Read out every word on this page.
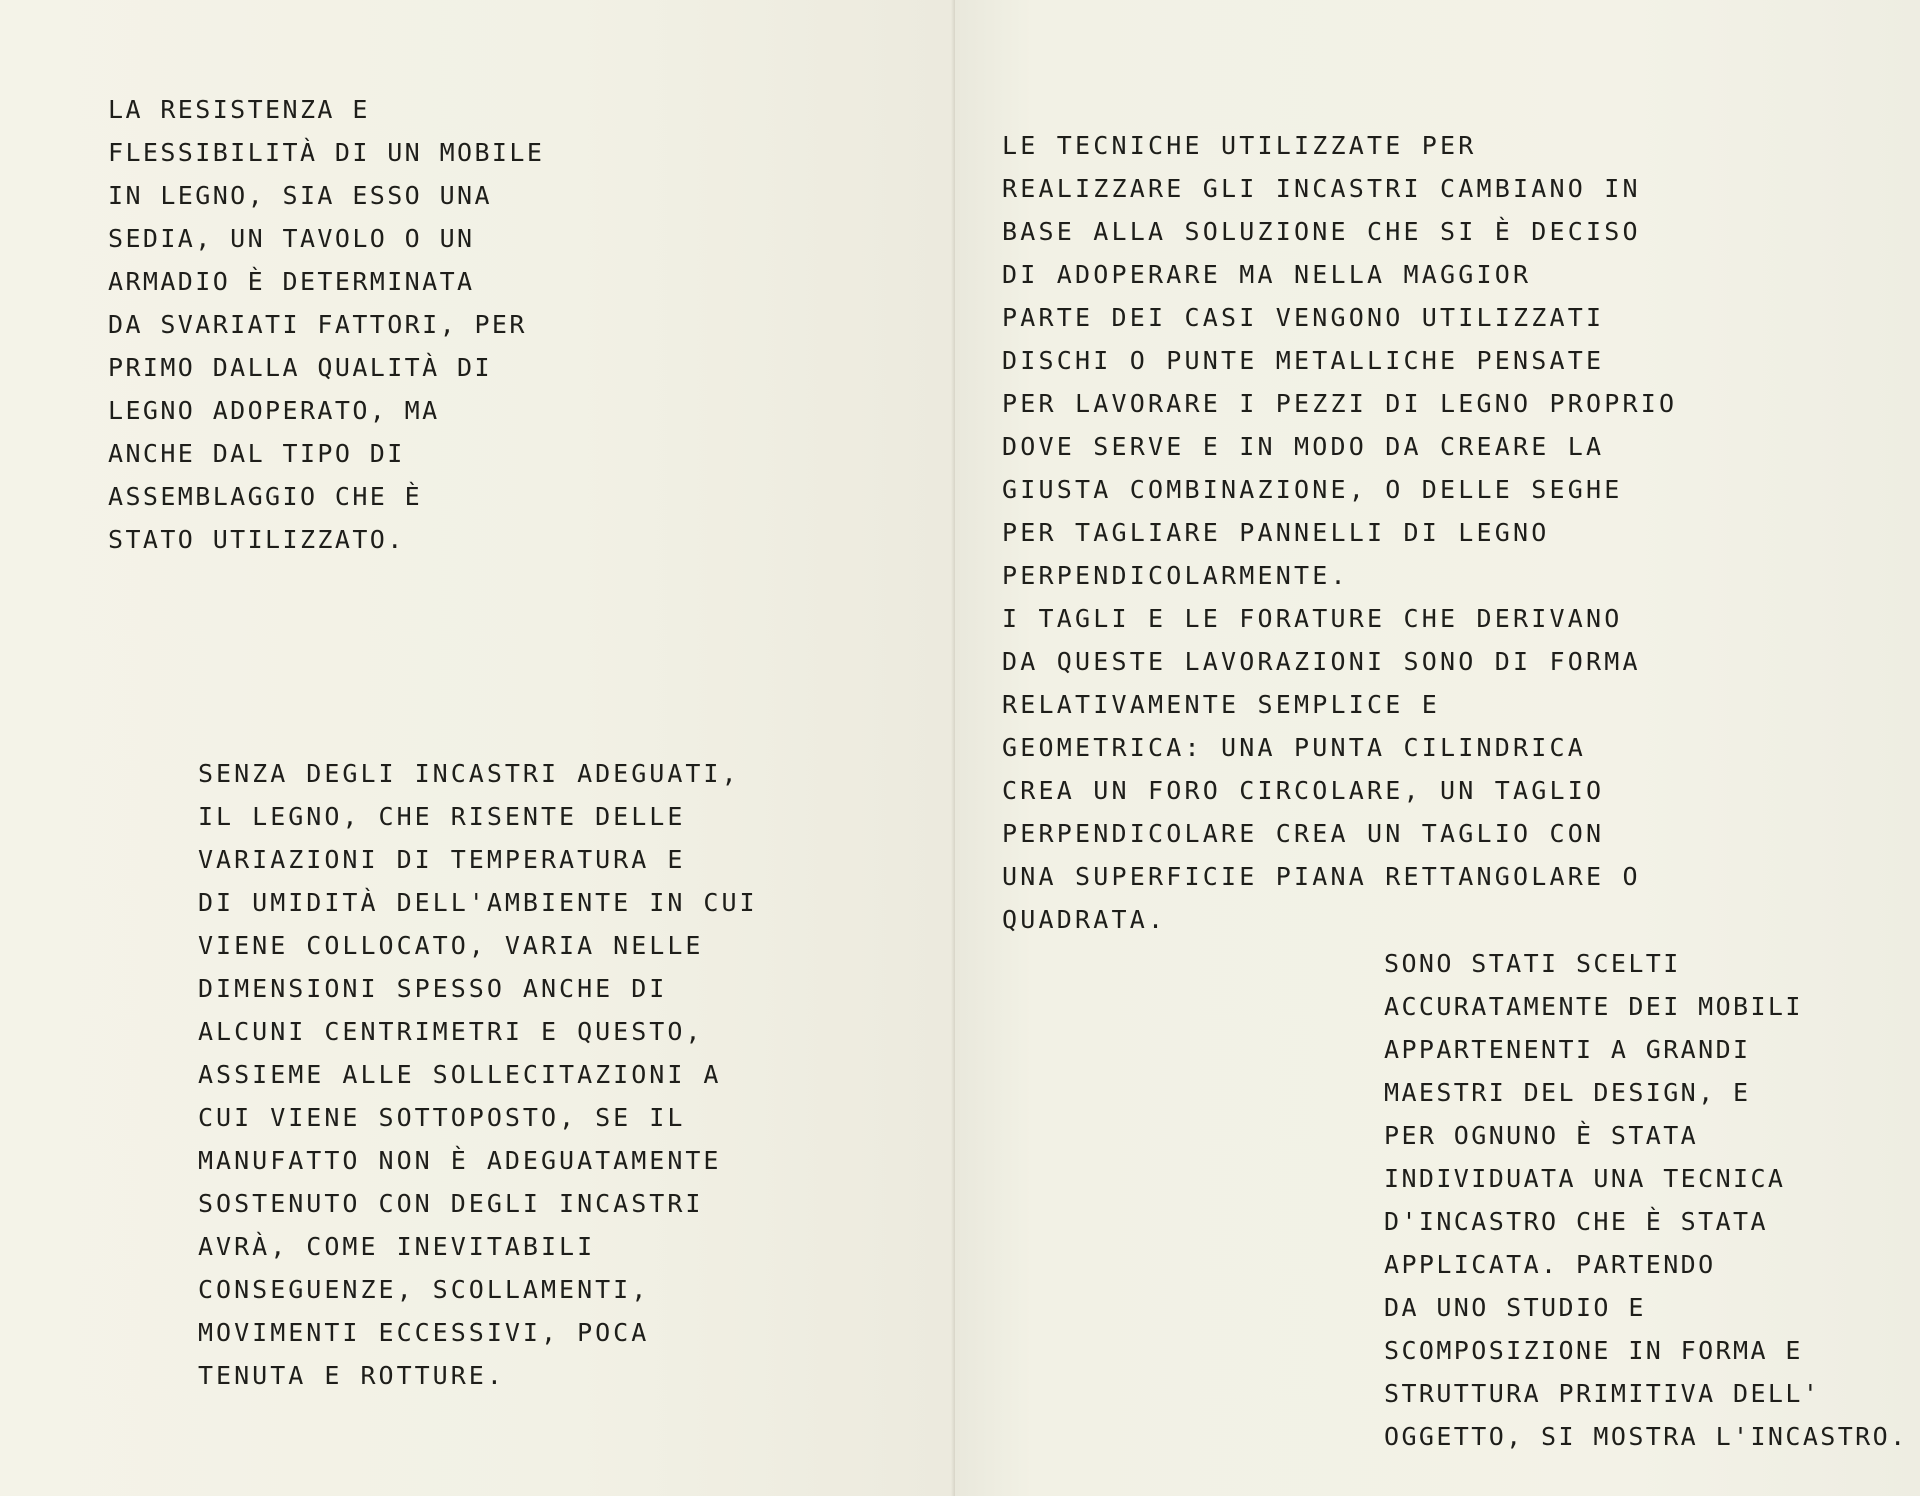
LA RESISTENZA E
FLESSIBILITÀ DI UN MOBILE
IN LEGNO, SIA ESSO UNA
SEDIA, UN TAVOLO O UN
ARMADIO È DETERMINATA
DA SVARIATI FATTORI, PER
PRIMO DALLA QUALITÀ DI
LEGNO ADOPERATO, MA
ANCHE DAL TIPO DI
ASSEMBLAGGIO CHE È
STATO UTILIZZATO.
SENZA DEGLI INCASTRI ADEGUATI,
IL LEGNO, CHE RISENTE DELLE
VARIAZIONI DI TEMPERATURA E
DI UMIDITÀ DELL'AMBIENTE IN CUI
VIENE COLLOCATO, VARIA NELLE
DIMENSIONI SPESSO ANCHE DI
ALCUNI CENTRIMETRI E QUESTO,
ASSIEME ALLE SOLLECITAZIONI A
CUI VIENE SOTTOPOSTO, SE IL
MANUFATTO NON È ADEGUATAMENTE
SOSTENUTO CON DEGLI INCASTRI
AVRÀ, COME INEVITABILI
CONSEGUENZE, SCOLLAMENTI,
MOVIMENTI ECCESSIVI, POCA
TENUTA E ROTTURE.
LE TECNICHE UTILIZZATE PER
REALIZZARE GLI INCASTRI CAMBIANO IN
BASE ALLA SOLUZIONE CHE SI È DECISO
DI ADOPERARE MA NELLA MAGGIOR
PARTE DEI CASI VENGONO UTILIZZATI
DISCHI O PUNTE METALLICHE PENSATE
PER LAVORARE I PEZZI DI LEGNO PROPRIO
DOVE SERVE E IN MODO DA CREARE LA
GIUSTA COMBINAZIONE, O DELLE SEGHE
PER TAGLIARE PANNELLI DI LEGNO
PERPENDICOLARMENTE.
I TAGLI E LE FORATURE CHE DERIVANO
DA QUESTE LAVORAZIONI SONO DI FORMA
RELATIVAMENTE SEMPLICE E
GEOMETRICA: UNA PUNTA CILINDRICA
CREA UN FORO CIRCOLARE, UN TAGLIO
PERPENDICOLARE CREA UN TAGLIO CON
UNA SUPERFICIE PIANA RETTANGOLARE O
QUADRATA.
SONO STATI SCELTI
ACCURATAMENTE DEI MOBILI
APPARTENENTI A GRANDI
MAESTRI DEL DESIGN, E
PER OGNUNO È STATA
INDIVIDUATA UNA TECNICA
D'INCASTRO CHE È STATA
APPLICATA. PARTENDO
DA UNO STUDIO E
SCOMPOSIZIONE IN FORMA E
STRUTTURA PRIMITIVA DELL'
OGGETTO, SI MOSTRA L'INCASTRO.
